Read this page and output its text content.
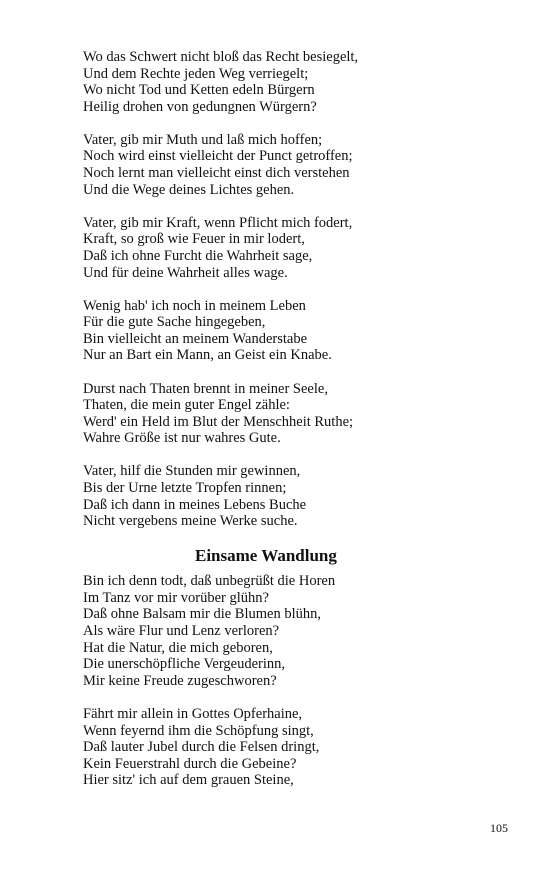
Wo das Schwert nicht bloß das Recht besiegelt,
Und dem Rechte jeden Weg verriegelt;
Wo nicht Tod und Ketten edeln Bürgern
Heilig drohen von gedungnen Würgern?
Vater, gib mir Muth und laß mich hoffen;
Noch wird einst vielleicht der Punct getroffen;
Noch lernt man vielleicht einst dich verstehen
Und die Wege deines Lichtes gehen.
Vater, gib mir Kraft, wenn Pflicht mich fodert,
Kraft, so groß wie Feuer in mir lodert,
Daß ich ohne Furcht die Wahrheit sage,
Und für deine Wahrheit alles wage.
Wenig hab' ich noch in meinem Leben
Für die gute Sache hingegeben,
Bin vielleicht an meinem Wanderstabe
Nur an Bart ein Mann, an Geist ein Knabe.
Durst nach Thaten brennt in meiner Seele,
Thaten, die mein guter Engel zähle:
Werd' ein Held im Blut der Menschheit Ruthe;
Wahre Größe ist nur wahres Gute.
Vater, hilf die Stunden mir gewinnen,
Bis der Urne letzte Tropfen rinnen;
Daß ich dann in meines Lebens Buche
Nicht vergebens meine Werke suche.
Einsame Wandlung
Bin ich denn todt, daß unbegrüßt die Horen
Im Tanz vor mir vorüber glühn?
Daß ohne Balsam mir die Blumen blühn,
Als wäre Flur und Lenz verloren?
Hat die Natur, die mich geboren,
Die unerschöpfliche Vergeuderinn,
Mir keine Freude zugeschworen?
Fährt mir allein in Gottes Opferhaine,
Wenn feyernd ihm die Schöpfung singt,
Daß lauter Jubel durch die Felsen dringt,
Kein Feuerstrahl durch die Gebeine?
Hier sitz' ich auf dem grauen Steine,
105
